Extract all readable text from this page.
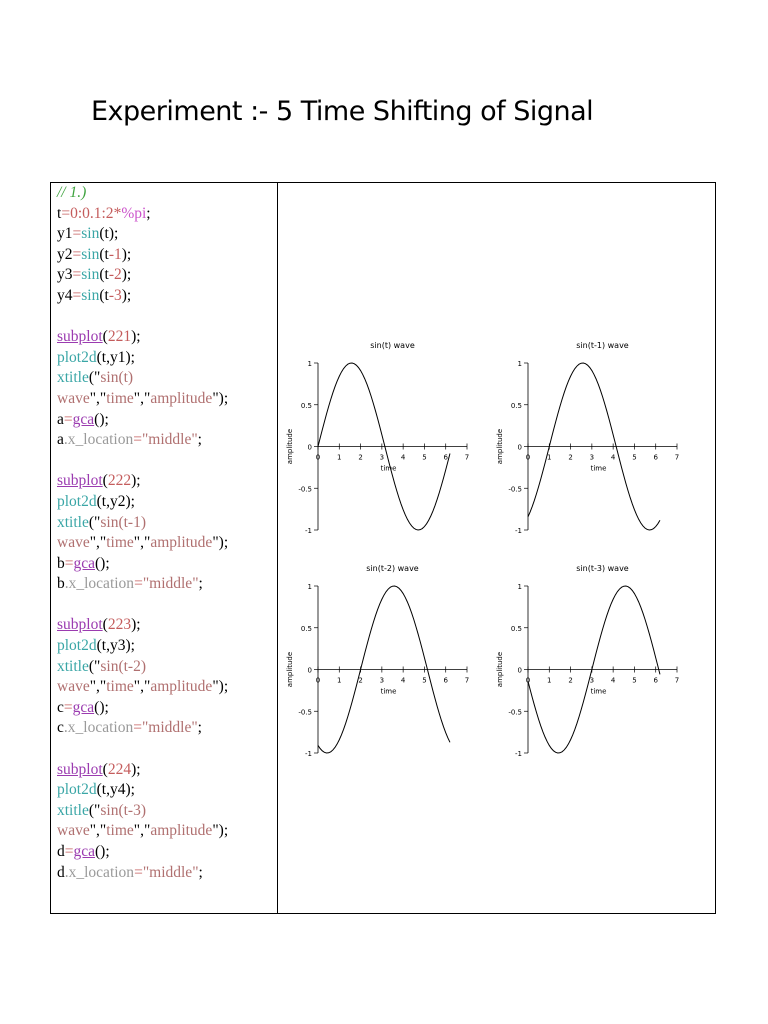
Experiment :- 5 Time Shifting of Signal
// 1.)
t=0:0.1:2*%pi;
y1=sin(t);
y2=sin(t-1);
y3=sin(t-2);
y4=sin(t-3);
subplot(221);
plot2d(t,y1);
xtitle("sin(t)
wave","time","amplitude");
a=gca();
a.x_location="middle";
subplot(222);
plot2d(t,y2);
xtitle("sin(t-1)
wave","time","amplitude");
b=gca();
b.x_location="middle";
subplot(223);
plot2d(t,y3);
xtitle("sin(t-2)
wave","time","amplitude");
c=gca();
c.x_location="middle";
subplot(224);
plot2d(t,y4);
xtitle("sin(t-3)
wave","time","amplitude");
d=gca();
d.x_location="middle";
sin(t) wave
1
0.5
0
-0.5
-1
0 1 2 3 4 5 6 7
time
amplitude
sin(t-1) wave
1
0.5
0
-0.5
-1
0 1 2 3 4 5 6 7
time
amplitude
sin(t-2) wave
1
0.5
0
-0.5
-1
0 1 2 3 4 5 6 7
time
amplitude
sin(t-3) wave
1
0.5
0
-0.5
-1
0 1 2 3 4 5 6 7
time
amplitude
